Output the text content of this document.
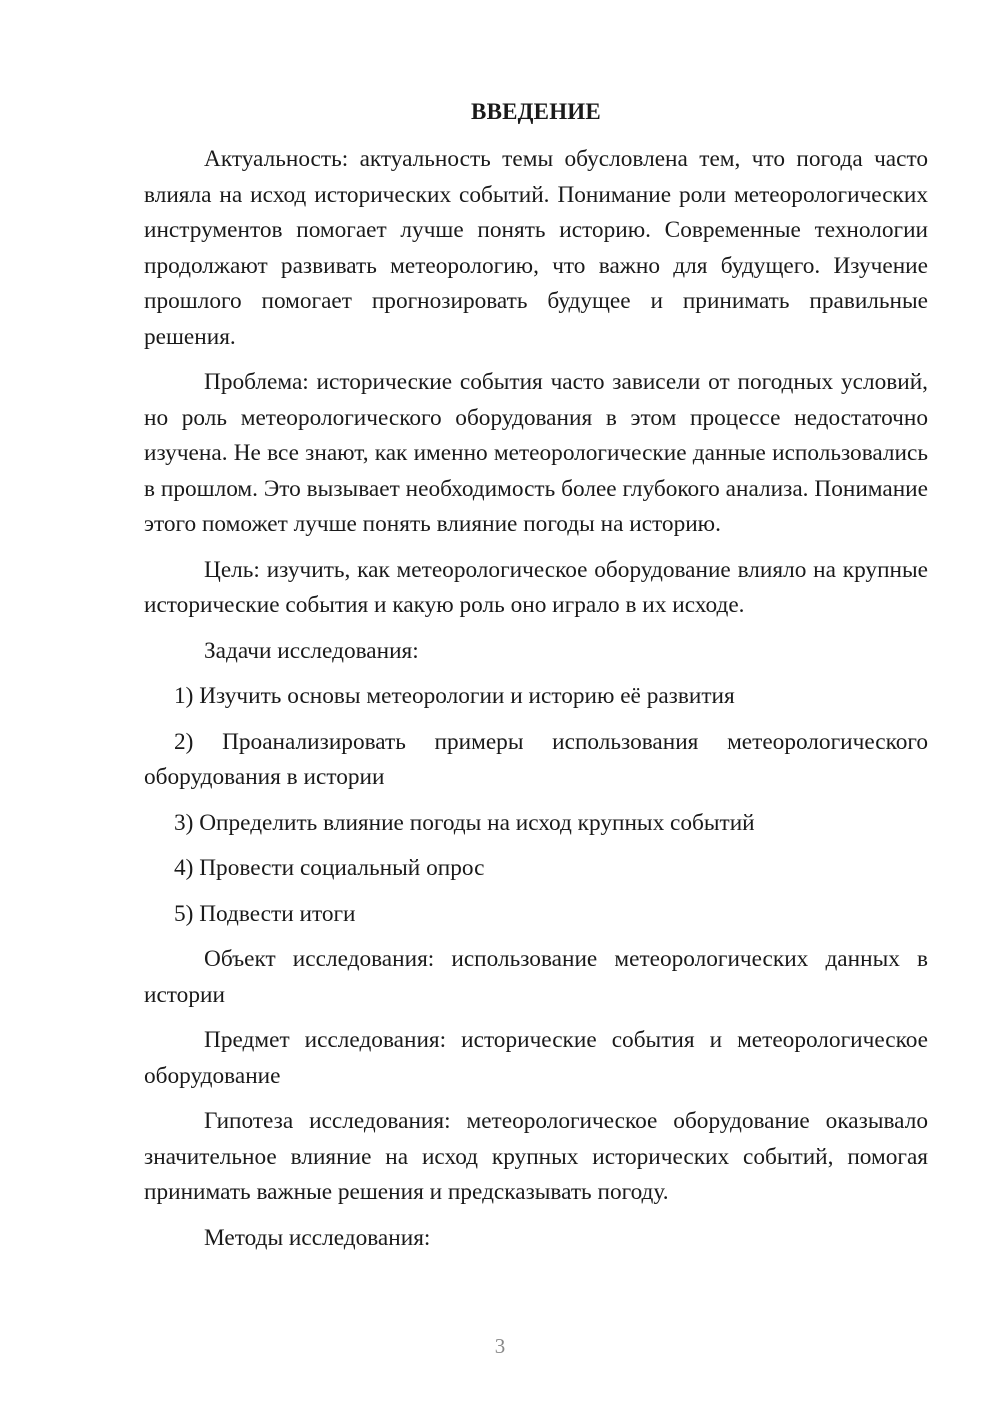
ВВЕДЕНИЕ

Актуальность: актуальность темы обусловлена тем, что погода часто влияла на исход исторических событий. Понимание роли метеорологических инструментов помогает лучше понять историю. Современные технологии продолжают развивать метеорологию, что важно для будущего. Изучение прошлого помогает прогнозировать будущее и принимать правильные решения.

Проблема: исторические события часто зависели от погодных условий, но роль метеорологического оборудования в этом процессе недостаточно изучена. Не все знают, как именно метеорологические данные использовались в прошлом. Это вызывает необходимость более глубокого анализа. Понимание этого поможет лучше понять влияние погоды на историю.

Цель: изучить, как метеорологическое оборудование влияло на крупные исторические события и какую роль оно играло в их исходе.

Задачи исследования:

1) Изучить основы метеорологии и историю её развития

2) Проанализировать примеры использования метеорологического оборудования в истории

3) Определить влияние погоды на исход крупных событий

4) Провести социальный опрос

5) Подвести итоги

Объект исследования: использование метеорологических данных в истории

Предмет исследования: исторические события и метеорологическое оборудование

Гипотеза исследования: метеорологическое оборудование оказывало значительное влияние на исход крупных исторических событий, помогая принимать важные решения и предсказывать погоду.

Методы исследования:

3
